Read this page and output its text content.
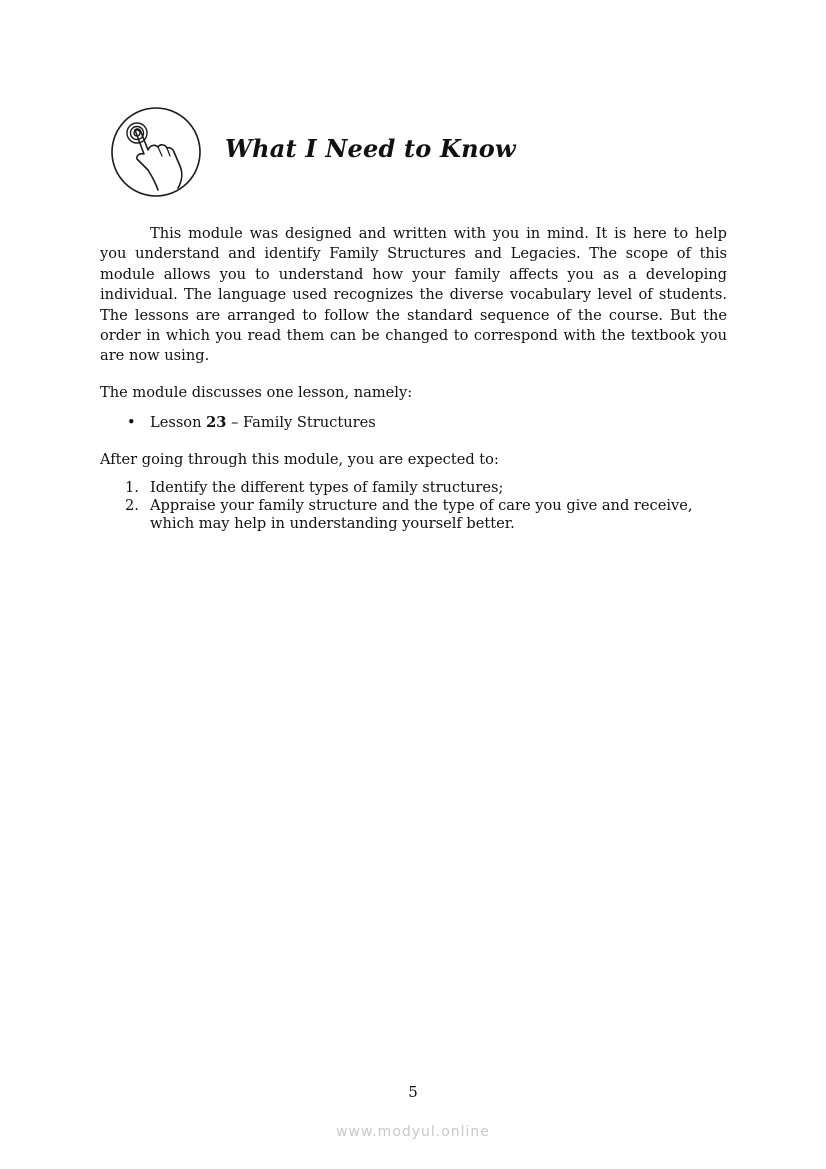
What I Need to Know

This module was designed and written with you in mind. It is here to help you understand and identify Family Structures and Legacies. The scope of this module allows you to understand how your family affects you as a developing individual. The language used recognizes the diverse vocabulary level of students. The lessons are arranged to follow the standard sequence of the course. But the order in which you read them can be changed to correspond with the textbook you are now using.

The module discusses one lesson, namely:

• Lesson 23 – Family Structures

After going through this module, you are expected to:

1. Identify the different types of family structures;
2. Appraise your family structure and the type of care you give and receive, which may help in understanding yourself better.
5
www.modyul.online
